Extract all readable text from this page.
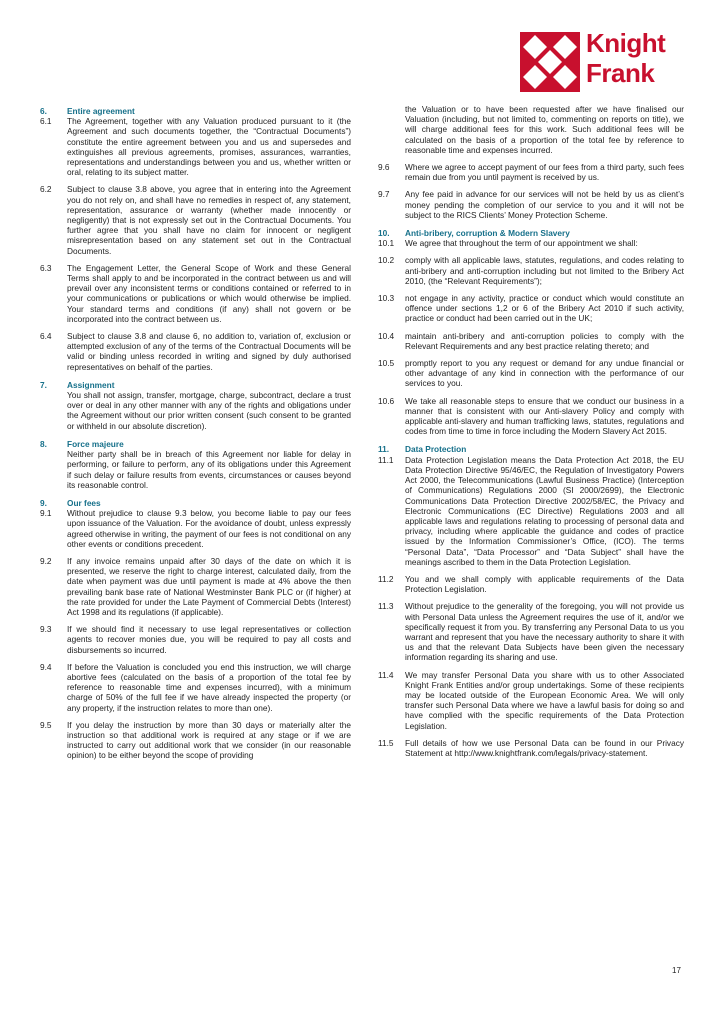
Knight
Frank
6.	Entire agreement
6.1	The Agreement, together with any Valuation produced pursuant to it (the Agreement and such documents together, the “Contractual Documents”) constitute the entire agreement between you and us and supersedes and extinguishes all previous agreements, promises, assurances, warranties, representations and understandings between you and us, whether written or oral, relating to its subject matter.
6.2	Subject to clause 3.8 above, you agree that in entering into the Agreement you do not rely on, and shall have no remedies in respect of, any statement, representation, assurance or warranty (whether made innocently or negligently) that is not expressly set out in the Contractual Documents. You further agree that you shall have no claim for innocent or negligent misrepresentation based on any statement set out in the Contractual Documents.
6.3	The Engagement Letter, the General Scope of Work and these General Terms shall apply to and be incorporated in the contract between us and will prevail over any inconsistent terms or conditions contained or referred to in your communications or publications or which would otherwise be implied. Your standard terms and conditions (if any) shall not govern or be incorporated into the contract between us.
6.4	Subject to clause 3.8 and clause 6, no addition to, variation of, exclusion or attempted exclusion of any of the terms of the Contractual Documents will be valid or binding unless recorded in writing and signed by duly authorised representatives on behalf of the parties.
7.	Assignment
You shall not assign, transfer, mortgage, charge, subcontract, declare a trust over or deal in any other manner with any of the rights and obligations under the Agreement without our prior written consent (such consent to be granted or withheld in our absolute discretion).
8.	Force majeure
Neither party shall be in breach of this Agreement nor liable for delay in performing, or failure to perform, any of its obligations under this Agreement if such delay or failure results from events, circumstances or causes beyond its reasonable control.
9.	Our fees
9.1	Without prejudice to clause 9.3 below, you become liable to pay our fees upon issuance of the Valuation. For the avoidance of doubt, unless expressly agreed otherwise in writing, the payment of our fees is not conditional on any other events or conditions precedent.
9.2	If any invoice remains unpaid after 30 days of the date on which it is presented, we reserve the right to charge interest, calculated daily, from the date when payment was due until payment is made at 4% above the then prevailing bank base rate of National Westminster Bank PLC or (if higher) at the rate provided for under the Late Payment of Commercial Debts (Interest) Act 1998 and its regulations (if applicable).
9.3	If we should find it necessary to use legal representatives or collection agents to recover monies due, you will be required to pay all costs and disbursements so incurred.
9.4	If before the Valuation is concluded you end this instruction, we will charge abortive fees (calculated on the basis of a proportion of the total fee by reference to reasonable time and expenses incurred), with a minimum charge of 50% of the full fee if we have already inspected the property (or any property, if the instruction relates to more than one).
9.5	If you delay the instruction by more than 30 days or materially alter the instruction so that additional work is required at any stage or if we are instructed to carry out additional work that we consider (in our reasonable opinion) to be either beyond the scope of providing
the Valuation or to have been requested after we have finalised our Valuation (including, but not limited to, commenting on reports on title), we will charge additional fees for this work. Such additional fees will be calculated on the basis of a proportion of the total fee by reference to reasonable time and expenses incurred.
9.6	Where we agree to accept payment of our fees from a third party, such fees remain due from you until payment is received by us.
9.7	Any fee paid in advance for our services will not be held by us as client’s money pending the completion of our service to you and it will not be subject to the RICS Clients’ Money Protection Scheme.
10.	Anti-bribery, corruption & Modern Slavery
10.1	We agree that throughout the term of our appointment we shall:
10.2	comply with all applicable laws, statutes, regulations, and codes relating to anti-bribery and anti-corruption including but not limited to the Bribery Act 2010, (the “Relevant Requirements”);
10.3	not engage in any activity, practice or conduct which would constitute an offence under sections 1,2 or 6 of the Bribery Act 2010 if such activity, practice or conduct had been carried out in the UK;
10.4	maintain anti-bribery and anti-corruption policies to comply with the Relevant Requirements and any best practice relating thereto; and
10.5	promptly report to you any request or demand for any undue financial or other advantage of any kind in connection with the performance of our services to you.
10.6	We take all reasonable steps to ensure that we conduct our business in a manner that is consistent with our Anti-slavery Policy and comply with applicable anti-slavery and human trafficking laws, statutes, regulations and codes from time to time in force including the Modern Slavery Act 2015.
11.	Data Protection
11.1	Data Protection Legislation means the Data Protection Act 2018, the EU Data Protection Directive 95/46/EC, the Regulation of Investigatory Powers Act 2000, the Telecommunications (Lawful Business Practice) (Interception of Communications) Regulations 2000 (SI 2000/2699), the Electronic Communications Data Protection Directive 2002/58/EC, the Privacy and Electronic Communications (EC Directive) Regulations 2003 and all applicable laws and regulations relating to processing of personal data and privacy, including where applicable the guidance and codes of practice issued by the Information Commissioner’s Office, (ICO). The terms “Personal Data”, “Data Processor” and “Data Subject” shall have the meanings ascribed to them in the Data Protection Legislation.
11.2	You and we shall comply with applicable requirements of the Data Protection Legislation.
11.3	Without prejudice to the generality of the foregoing, you will not provide us with Personal Data unless the Agreement requires the use of it, and/or we specifically request it from you. By transferring any Personal Data to us you warrant and represent that you have the necessary authority to share it with us and that the relevant Data Subjects have been given the necessary information regarding its sharing and use.
11.4	We may transfer Personal Data you share with us to other Associated Knight Frank Entities and/or group undertakings. Some of these recipients may be located outside of the European Economic Area. We will only transfer such Personal Data where we have a lawful basis for doing so and have complied with the specific requirements of the Data Protection Legislation.
11.5	Full details of how we use Personal Data can be found in our Privacy Statement at http://www.knightfrank.com/legals/privacy-statement.
17
